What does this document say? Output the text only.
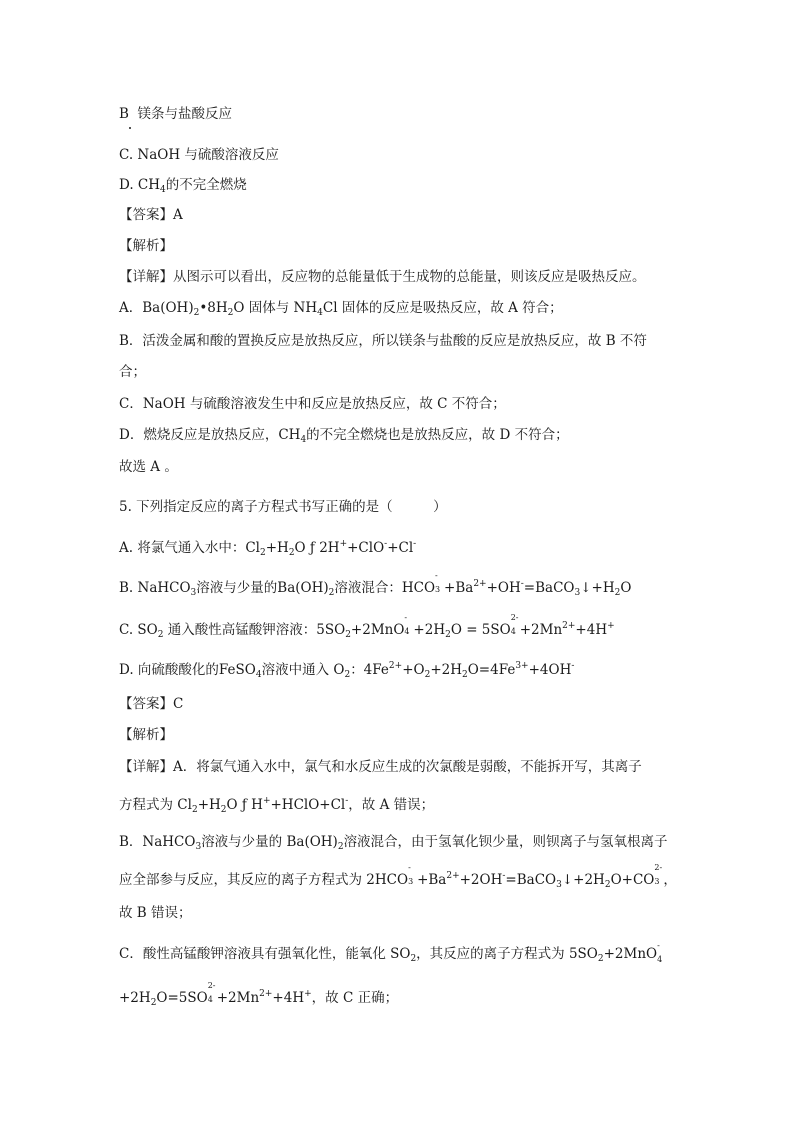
B 镁条与盐酸反应
C. NaOH 与硫酸溶液反应
D. $CH_4$的不完全燃烧
【答案】A
【解析】
【详解】从图示可以看出，反应物的总能量低于生成物的总能量，则该反应是吸热反应。
A．$Ba(OH)_2•8H_2O$ 固体与 $NH_4Cl$ 固体的反应是吸热反应，故 A 符合；
B．活泼金属和酸的置换反应是放热反应，所以镁条与盐酸的反应是放热反应，故 B 不符
合；
C．NaOH 与硫酸溶液发生中和反应是放热反应，故 C 不符合；
D．燃烧反应是放热反应，$CH_4$的不完全燃烧也是放热反应，故 D 不符合；
故选 A 。
5. 下列指定反应的离子方程式书写正确的是（　　　）
A. 将氯气通入水中：$Cl_2+H_2O$ ƒ 2H++ClO-+Cl-
B. NaHCO$_3$溶液与少量的$Ba(OH)_2$溶液混合：HCO
-
$3 +Ba^{2+}+OH^-=BaCO_3↓+H_2O$
C. $SO_2$ 通入酸性高锰酸钾溶液：$5SO_2+2MnO$
-
$4 +2H_2O = 5SO$
2-
$4 +2Mn^{2+}+4H^+$
D. 向硫酸酸化的FeSO$_4$溶液中通入 $O_2$：$4Fe^{2+}+O_2+2H_2O=4Fe^{3+}+4OH^-$
【答案】C
【解析】
【详解】A．将氯气通入水中，氯气和水反应生成的次氯酸是弱酸，不能拆开写，其离子
方程式为 $Cl_2+H_2O$ ƒ H++HClO+Cl-，故 A 错误；
B．NaHCO$_3$溶液与少量的 $Ba(OH)_2$溶液混合，由于氢氧化钡少量，则钡离子与氢氧根离子
应全部参与反应，其反应的离子方程式为 2HCO
-
$3 +Ba^{2+}+2OH^-=BaCO_3↓+2H_2O+CO$
2-
3 ，
故 B 错误；
C．酸性高锰酸钾溶液具有强氧化性，能氧化 $SO_2$，其反应的离子方程式为 $5SO_2+2MnO$
-
4
$+2H_2O=5SO$
2-
$4 +2Mn^{2+}+4H^+$，故 C 正确；
